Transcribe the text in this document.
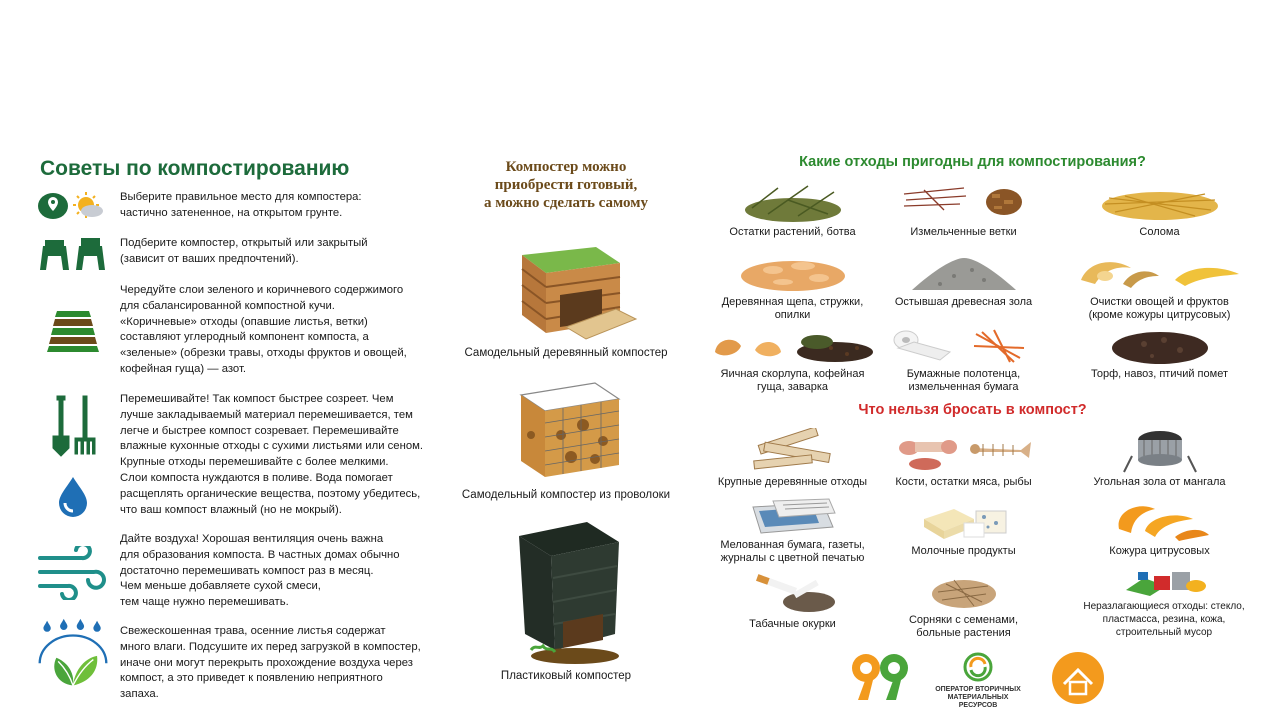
Советы по компостированию

Выберите правильное место для компостера:

частично затененное, на открытом грунте.

Подберите компостер, открытый или закрытый

(зависит от ваших предпочтений).

Чередуйте слои зеленого и коричневого содержимого

для сбалансированной компостной кучи.

«Коричневые» отходы (опавшие листья, ветки)

составляют углеродный компонент компоста, а

«зеленые» (обрезки травы, отходы фруктов и овощей,

кофейная гуща) — азот.

Перемешивайте! Так компост быстрее созреет. Чем

лучше закладываемый материал перемешивается, тем

легче и быстрее компост созревает. Перемешивайте

влажные кухонные отходы с сухими листьями или сеном.

Крупные отходы перемешивайте с более мелкими.

Слои компоста нуждаются в поливе. Вода помогает

расщеплять органические вещества, поэтому убедитесь,

что ваш компост влажный (но не мокрый).

Дайте воздуха! Хорошая вентиляция очень важна

для образования компоста. В частных домах обычно

достаточно перемешивать компост раз в месяц.

Чем меньше добавляете сухой смеси,

тем чаще нужно перемешивать.

Свежескошенная трава, осенние листья содержат

много влаги. Подсушите их перед загрузкой в компостер,

иначе они могут перекрыть прохождение воздуха через

компост, а это приведет к появлению неприятного

запаха.

Компостер можно
приобрести готовый,
а можно сделать самому
Самодельный деревянный компостер
Самодельный компостер из проволоки
Пластиковый компостер
Какие отходы пригодны для компостирования?
Остатки растений, ботва	Измельченные ветки	Солома
Деревянная щепа, стружки,
опилки
Остывшая древесная зола	Очистки овощей и фруктов
(кроме кожуры цитрусовых)
Яичная скорлупа, кофейная
гуща, заварка
Бумажные полотенца,
измельченная бумага
Торф, навоз, птичий помет
Что нельзя бросать в компост?
Крупные деревянные отходы	Кости, остатки мяса, рыбы	Угольная зола от мангала
Мелованная бумага, газеты,
журналы с цветной печатью
Молочные продукты	Кожура цитрусовых
Табачные окурки	Сорняки с семенами,
больные растения
Неразлагающиеся отходы: стекло,
пластмасса, резина, кожа,
строительный мусор
ОПЕРАТОР ВТОРИЧНЫХ
МАТЕРИАЛЬНЫХ РЕСУРСОВ
